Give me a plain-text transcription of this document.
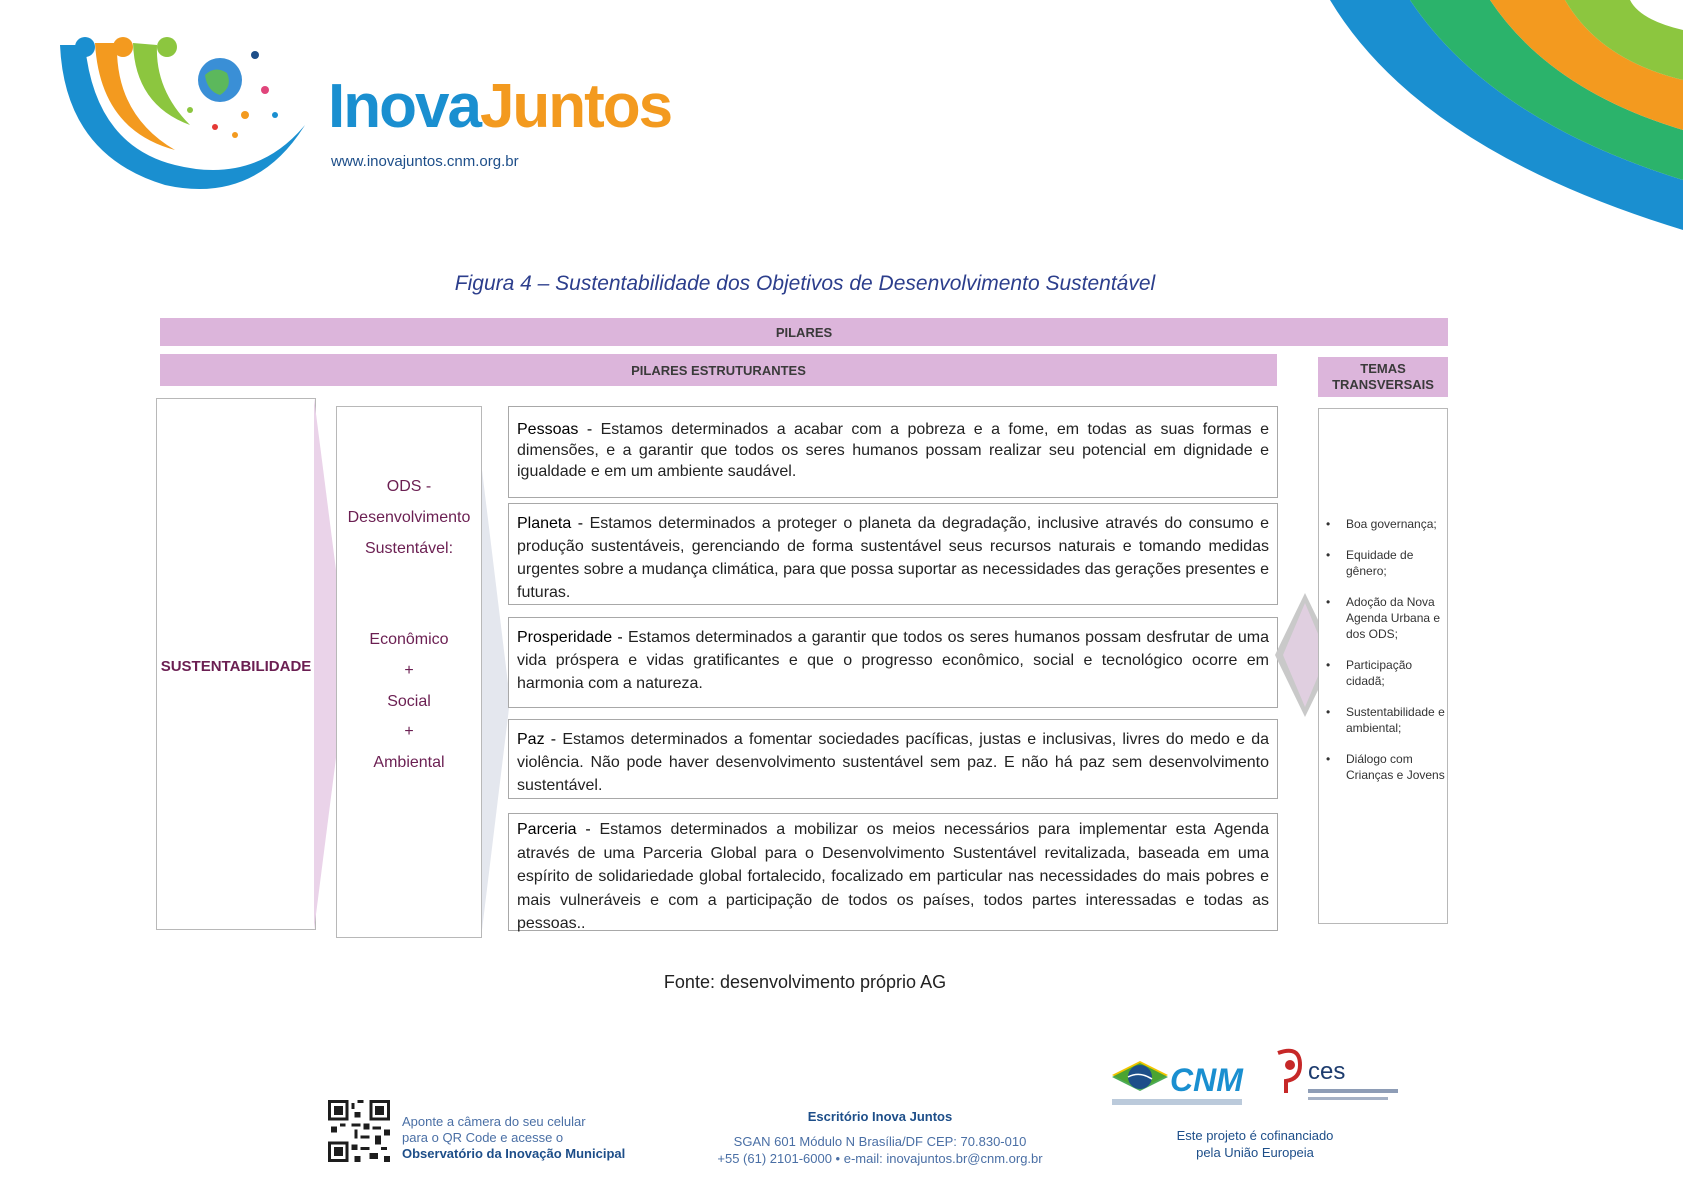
InovaJuntos
www.inovajuntos.cnm.org.br
Figura 4 – Sustentabilidade dos Objetivos de Desenvolvimento Sustentável
PILARES
PILARES ESTRUTURANTES	TEMAS TRANSVERSAIS
SUSTENTABILIDADE
ODS -
Desenvolvimento
Sustentável:
Econômico
+
Social
+
Ambiental
Pessoas - Estamos determinados a acabar com a pobreza e a fome, em todas as suas formas e dimensões, e a garantir que todos os seres humanos possam realizar seu potencial em dignidade e igualdade e em um ambiente saudável.
Planeta - Estamos determinados a proteger o planeta da degradação, inclusive através do consumo e produção sustentáveis, gerenciando de forma sustentável seus recursos naturais e tomando medidas urgentes sobre a mudança climática, para que possa suportar as necessidades das gerações presentes e futuras.
Prosperidade - Estamos determinados a garantir que todos os seres humanos possam desfrutar de uma vida próspera e vidas gratificantes e que o progresso econômico, social e tecnológico ocorre em harmonia com a natureza.
Paz - Estamos determinados a fomentar sociedades pacíficas, justas e inclusivas, livres do medo e da violência. Não pode haver desenvolvimento sustentável sem paz. E não há paz sem desenvolvimento sustentável.
Parceria - Estamos determinados a mobilizar os meios necessários para implementar esta Agenda através de uma Parceria Global para o Desenvolvimento Sustentável revitalizada, baseada em uma espírito de solidariedade global fortalecido, focalizado em particular nas necessidades do mais pobres e mais vulneráveis e com a participação de todos os países, todos partes interessadas e todas as pessoas..
• Boa governança;
• Equidade de gênero;
• Adoção da Nova Agenda Urbana e dos ODS;
• Participação cidadã;
• Sustentabilidade e ambiental;
• Diálogo com Crianças e Jovens
Fonte: desenvolvimento próprio AG
Aponte a câmera do seu celular
para o QR Code e acesse o
Observatório da Inovação Municipal
Escritório Inova Juntos
SGAN 601 Módulo N Brasília/DF CEP: 70.830-010
+55 (61) 2101-6000 • e-mail: inovajuntos.br@cnm.org.br
CNM	ces
Este projeto é cofinanciado
pela União Europeia
